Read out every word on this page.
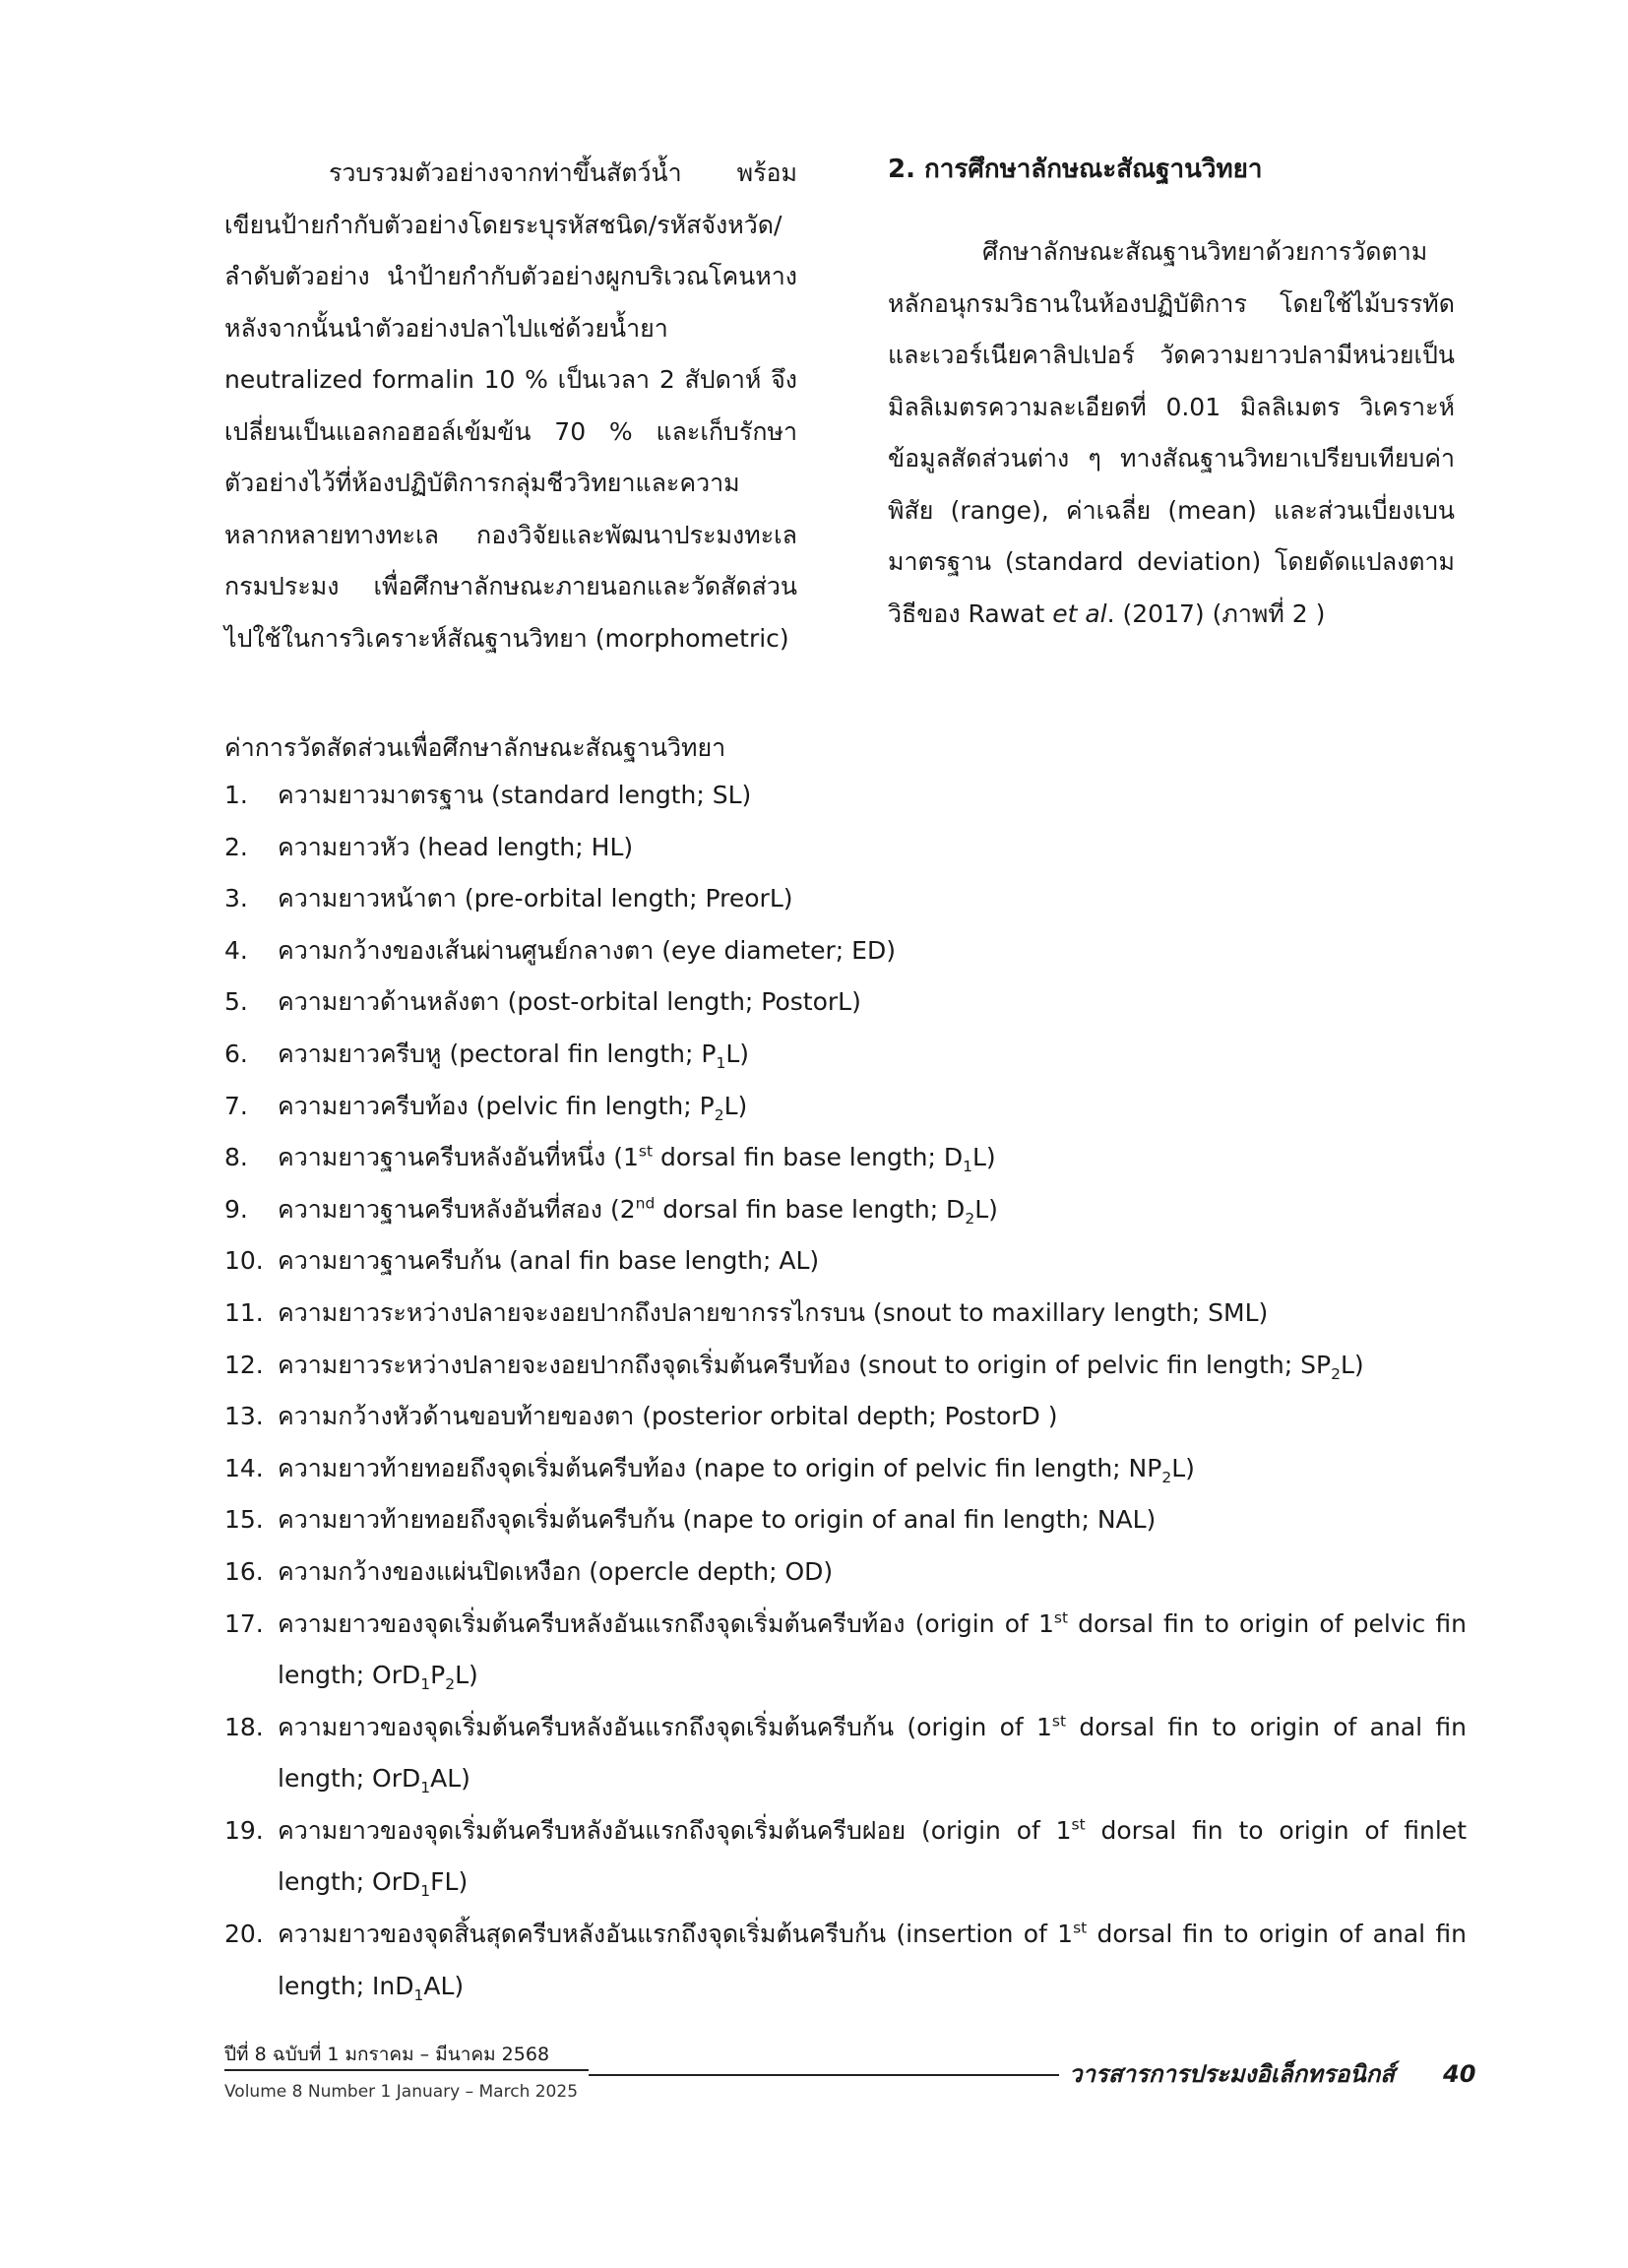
รวบรวมตัวอย่างจากท่าขึ้นสัตว์น้ำ พร้อมเขียนป้ายกำกับตัวอย่างโดยระบุรหัสชนิด/รหัสจังหวัด/ลำดับตัวอย่าง นำป้ายกำกับตัวอย่างผูกบริเวณโคนหาง หลังจากนั้นนำตัวอย่างปลาไปแช่ด้วยน้ำยา neutralized formalin 10 % เป็นเวลา 2 สัปดาห์ จึงเปลี่ยนเป็นแอลกอฮอล์เข้มข้น 70 % และเก็บรักษาตัวอย่างไว้ที่ห้องปฏิบัติการกลุ่มชีววิทยาและความหลากหลายทางทะเล กองวิจัยและพัฒนาประมงทะเล กรมประมง เพื่อศึกษาลักษณะภายนอกและวัดสัดส่วนไปใช้ในการวิเคราะห์สัณฐานวิทยา (morphometric)

2. การศึกษาลักษณะสัณฐานวิทยา

ศึกษาลักษณะสัณฐานวิทยาด้วยการวัดตามหลักอนุกรมวิธานในห้องปฏิบัติการ โดยใช้ไม้บรรทัด และเวอร์เนียคาลิปเปอร์ วัดความยาวปลามีหน่วยเป็นมิลลิเมตรความละเอียดที่ 0.01 มิลลิเมตร วิเคราะห์ข้อมูลสัดส่วนต่าง ๆ ทางสัณฐานวิทยาเปรียบเทียบค่าพิสัย (range), ค่าเฉลี่ย (mean) และส่วนเบี่ยงเบนมาตรฐาน (standard deviation) โดยดัดแปลงตามวิธีของ Rawat et al. (2017) (ภาพที่ 2 )

ค่าการวัดสัดส่วนเพื่อศึกษาลักษณะสัณฐานวิทยา
1.	ความยาวมาตรฐาน (standard length; SL)
2.	ความยาวหัว (head length; HL)
3.	ความยาวหน้าตา (pre-orbital length; PreorL)
4.	ความกว้างของเส้นผ่านศูนย์กลางตา (eye diameter; ED)
5.	ความยาวด้านหลังตา (post-orbital length; PostorL)
6.	ความยาวครีบหู (pectoral fin length; $P_1L$)
7.	ความยาวครีบท้อง (pelvic fin length; $P_2L$)
8.	ความยาวฐานครีบหลังอันที่หนึ่ง (1st dorsal fin base length; $D_1L$)
9.	ความยาวฐานครีบหลังอันที่สอง (2nd dorsal fin base length; $D_2L$)
10. ความยาวฐานครีบก้น (anal fin base length; AL)
11. ความยาวระหว่างปลายจะงอยปากถึงปลายขากรรไกรบน (snout to maxillary length; SML)
12. ความยาวระหว่างปลายจะงอยปากถึงจุดเริ่มต้นครีบท้อง (snout to origin of pelvic fin length; $SP_2L$)
13. ความกว้างหัวด้านขอบท้ายของตา (posterior orbital depth; PostorD )
14. ความยาวท้ายทอยถึงจุดเริ่มต้นครีบท้อง (nape to origin of pelvic fin length; $NP_2L$)
15. ความยาวท้ายทอยถึงจุดเริ่มต้นครีบก้น (nape to origin of anal fin length; NAL)
16. ความกว้างของแผ่นปิดเหงือก (opercle depth; OD)
17. ความยาวของจุดเริ่มต้นครีบหลังอันแรกถึงจุดเริ่มต้นครีบท้อง (origin of 1st dorsal fin to origin of pelvic fin length; $OrD_1P_2L$)
18. ความยาวของจุดเริ่มต้นครีบหลังอันแรกถึงจุดเริ่มต้นครีบก้น (origin of 1st dorsal fin to origin of anal fin length; OrD$_1$AL)
19. ความยาวของจุดเริ่มต้นครีบหลังอันแรกถึงจุดเริ่มต้นครีบฝอย (origin of 1st dorsal fin to origin of finlet length; OrD$_1$FL)
20. ความยาวของจุดสิ้นสุดครีบหลังอันแรกถึงจุดเริ่มต้นครีบก้น (insertion of 1st dorsal fin to origin of anal fin length; InD$_1$AL)
ปีที่ 8 ฉบับที่ 1 มกราคม – มีนาคม 2568
Volume 8 Number 1 January – March 2025
วารสารการประมงอิเล็กทรอนิกส์ 40
